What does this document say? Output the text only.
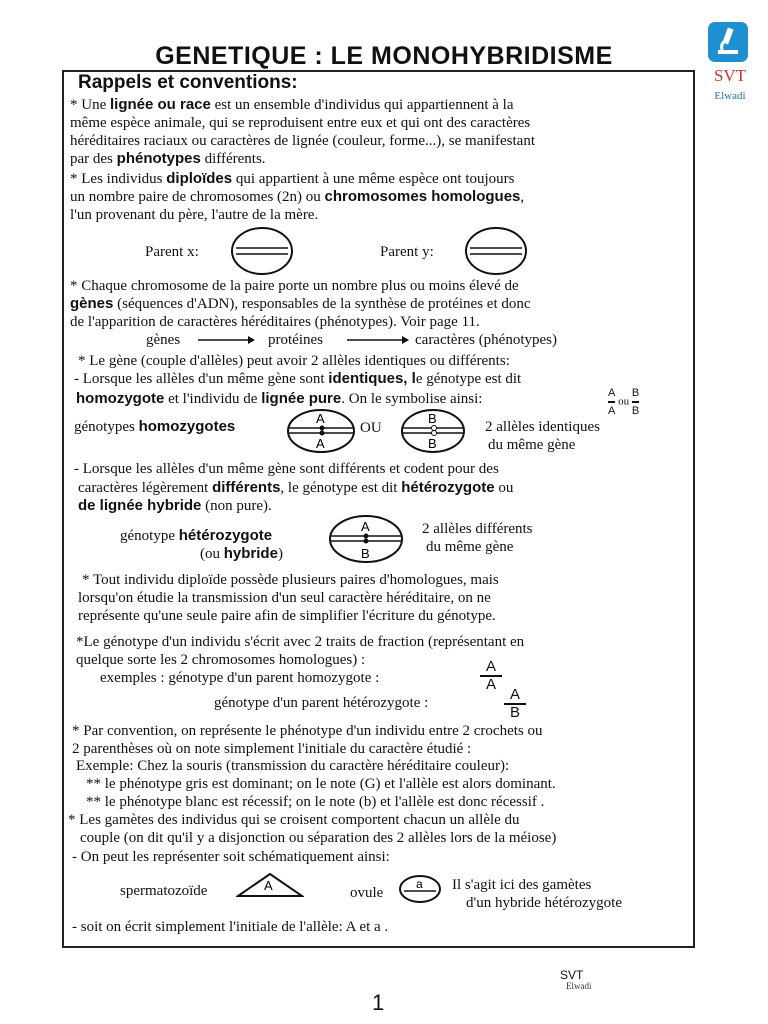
GENETIQUE : LE MONOHYBRIDISME
SVT
Elwadi
Rappels et conventions:
* Une lignée ou race est un ensemble d'individus qui appartiennent à la
même espèce animale, qui se reproduisent entre eux et qui ont des caractères
héréditaires raciaux ou caractères de lignée (couleur, forme...), se manifestant
par des phénotypes différents.
* Les individus diploïdes qui appartient à une même espèce ont toujours
un nombre paire de chromosomes (2n) ou chromosomes homologues,
l'un provenant du père, l'autre de la mère.
Parent x:	Parent y:
* Chaque chromosome de la paire porte un nombre plus ou moins élevé de
gènes (séquences d'ADN), responsables de la synthèse de protéines et donc
de l'apparition de caractères héréditaires (phénotypes). Voir page 11.
gènes	protéines	caractères (phénotypes)
* Le gène (couple d'allèles) peut avoir 2 allèles identiques ou différents:
- Lorsque les allèles d'un même gène sont identiques, le génotype est dit
homozygote et l'individu de lignée pure. On le symbolise ainsi:	$\frac{A}{A}$ ou $\frac{B}{B}$
génotypes homozygotes	A
A
OU
B
B
2 allèles identiques
du même gène
- Lorsque les allèles d'un même gène sont différents et codent pour des
caractères légèrement différents, le génotype est dit hétérozygote ou
de lignée hybride (non pure).
génotype hétérozygote
(ou hybride)
A
B
2 allèles différents
du même gène
* Tout individu diploïde possède plusieurs paires d'homologues, mais
lorsqu'on étudie la transmission d'un seul caractère héréditaire, on ne
représente qu'une seule paire afin de simplifier l'écriture du génotype.
*Le génotype d'un individu s'écrit avec 2 traits de fraction (représentant en
quelque sorte les 2 chromosomes homologues) :
exemples : génotype d'un parent homozygote :	$\frac{A}{A}$
génotype d'un parent hétérozygote :	$\frac{A}{B}$
* Par convention, on représente le phénotype d'un individu entre 2 crochets ou
2 parenthèses où on note simplement l'initiale du caractère étudié :
Exemple: Chez la souris (transmission du caractère héréditaire couleur):
** le phénotype gris est dominant; on le note (G) et l'allèle est alors dominant.
** le phénotype blanc est récessif; on le note (b) et l'allèle est donc récessif .
* Les gamètes des individus qui se croisent comportent chacun un allèle du
couple (on dit qu'il y a disjonction ou séparation des 2 allèles lors de la méiose)
- On peut les représenter soit schématiquement ainsi:
spermatozoïde	A	ovule
a Il s'agit ici des gamètes
d'un hybride hétérozygote
- soit on écrit simplement l'initiale de l'allèle: A et a .
SVT
Elwadi
1
